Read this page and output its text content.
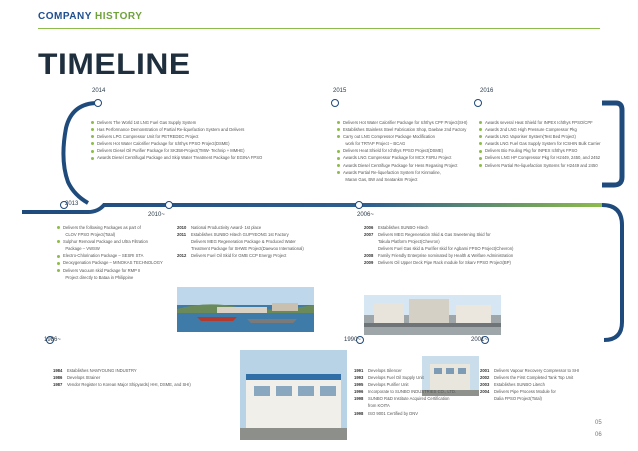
COMPANY HISTORY
TIMELINE
2014	2015	2016
2013
2010~	2006~
1986~	1990~	2001~
Delivers The World 1st LNG Fuel Gas Supply System
Has Performance Demonstration of Partial Re-liquefaction System and Delivers
Delivers LPG Compressor Unit for PETREDEC Project
Delivers Hot Water Calorifier Package for Ichthys FPSO Project(DSME)
Delivers Diesel Oil Purifier Package for SK358-Project(TMW- Technip + MMHE)
Awards Diesel Centrifugal Package and Skip Water Treatment Package for EGINA FPSO
Delivers Hot Water Calorifier Package for Ichthys CPF Project(SHI)
Establishes Stainless Steel Fabrication Shop, Daebae 2nd Factory
Carry out LNG Compressor Package Modification
work for TRTAP Project – BCAG
Delivers Heat Shield for Ichthys FPSO Project(DSME)
Awards LNG Compressor Package for MCX FSRU Project
Awards Diesel Centrifuge Package for Hess Regasing Project
Awards Partial Re-liquefaction System for Kinmaline,
Maran Gas, BW and Seatankm Project
Awards several Heat Shield for INPEX Ichthys FPSO/CPF
Awards 2nd LNG High Pressure Compressor Pkg
Awards LNG Vaporiser System(Test Bed Project)
Awards LNG Fuel Gas Supply System for ICSHIN Bulk Carrier
Delivers Bio Fouling Pkg for INPEX Ichthys FPSO
Delivers LNG HP Compressor Pkg for H2449, 2450, and 2452
Delivers Partial Re-liquefaction Systems for H2449 and 2450
Delivers the following Packages as part of
CLOV FPSO Project(Total)
Sulphur Removal Package and Ultra Filtration
Package – VWSW
Electro-Chlorination Package – SESRI STA
Deoxygenation Package – MINOKAS TECHNOLOGY
Delivers Vacuum skid Package for RMP II
Project directly to Bataa in Philippine
2010	National Productivity Award- 1st place
2011	Establishes SUNBO Hitech GUPYEONG 1st Factory
Delivers MEG Regeneration Package & Produced Water
Treatment Package for SHWE Project(Daewoo International)
2012	Delivers Fuel Oil Skid for GMB CCP Energy Project
2006	Establishes SUNBO Hitech
2007	Delivers MEG Regeneration Skid & Gas Sweetening Skid for
Takula Platform Project(Chevron)
Delivers Fuel Gas skid & Purifier skid for Agbami FPSO Project(Chevron)
2008	Family Friendly Enterprise nominated by Health & Welfare Administration
2009	Delivers Oil Upper Deck Pipe Rack module for Skarv FPSO Project(BP)
1984	Establishes NAMYOUNG INDUSTRY
1986	Develops Strainer
1987	Vendor Register to Korean Major Shipyards( HHI, DSME, and SHI)
1991	Develops Silencer
1993	Develops Fuel Oil Supply Unit
1995	Develops Purifier Unit
1996	Incorporate to SUNBO INDUSTRIES CO., LTD.
1998	SUNBO R&D Institute Acquired Certification
from KOITA
1998	ISO 9001 Certified by DNV
2001	Delivers Vapour Recovery Compressor to SHI
2002	Delivers the First Completed Tank Top Unit
2003	Establishes SUNBO Litetch
2004	Delivers Pipe Process Module for
Dalia FPSO Project(Total)
05
06
